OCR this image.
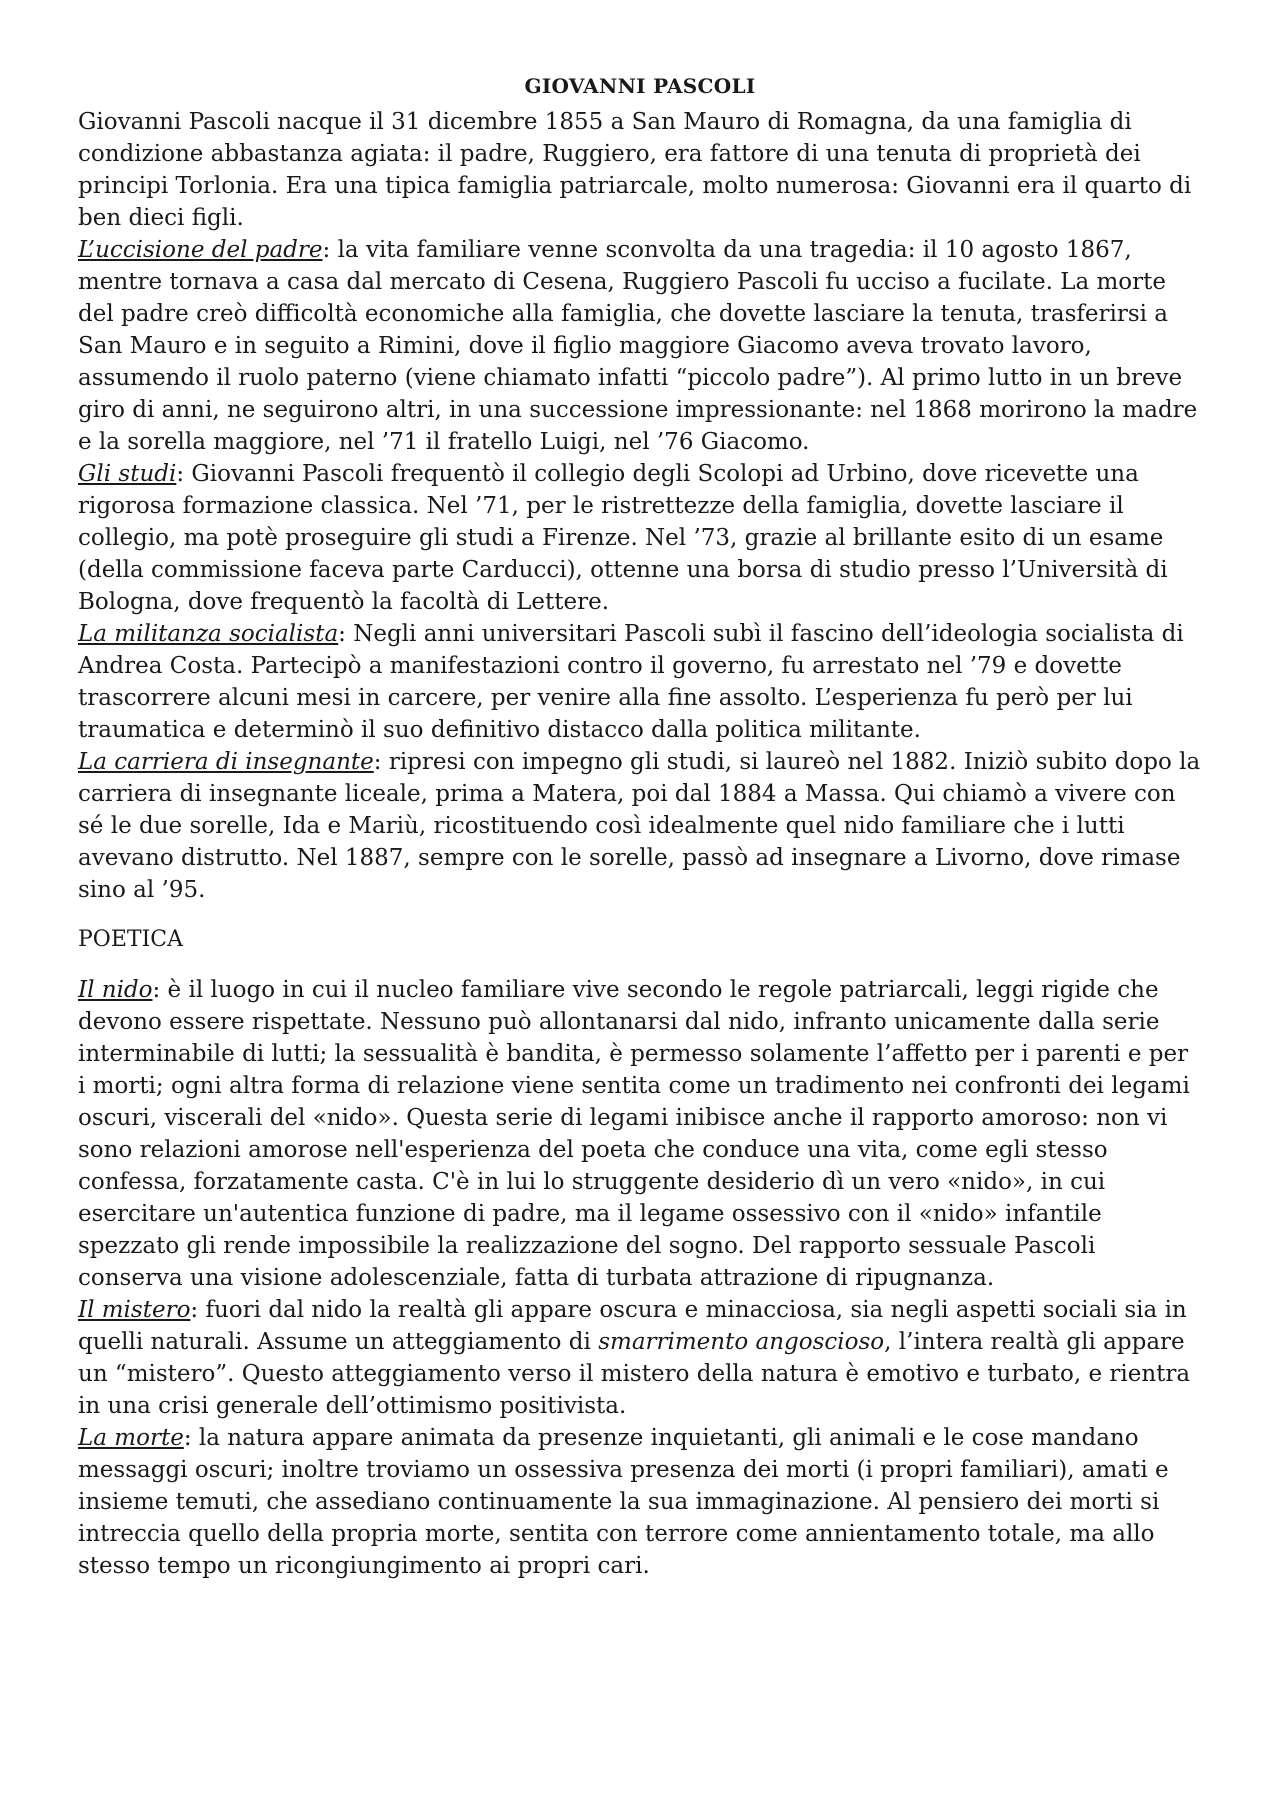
GIOVANNI PASCOLI

Giovanni Pascoli nacque il 31 dicembre 1855 a San Mauro di Romagna, da una famiglia di condizione abbastanza agiata: il padre, Ruggiero, era fattore di una tenuta di proprietà dei principi Torlonia. Era una tipica famiglia patriarcale, molto numerosa: Giovanni era il quarto di ben dieci figli.

L’uccisione del padre: la vita familiare venne sconvolta da una tragedia: il 10 agosto 1867, mentre tornava a casa dal mercato di Cesena, Ruggiero Pascoli fu ucciso a fucilate. La morte del padre creò difficoltà economiche alla famiglia, che dovette lasciare la tenuta, trasferirsi a San Mauro e in seguito a Rimini, dove il figlio maggiore Giacomo aveva trovato lavoro, assumendo il ruolo paterno (viene chiamato infatti “piccolo padre”). Al primo lutto in un breve giro di anni, ne seguirono altri, in una successione impressionante: nel 1868 morirono la madre e la sorella maggiore, nel ’71 il fratello Luigi, nel ’76 Giacomo.

Gli studi: Giovanni Pascoli frequentò il collegio degli Scolopi ad Urbino, dove ricevette una rigorosa formazione classica. Nel ’71, per le ristrettezze della famiglia, dovette lasciare il collegio, ma potè proseguire gli studi a Firenze. Nel ’73, grazie al brillante esito di un esame (della commissione faceva parte Carducci), ottenne una borsa di studio presso l’Università di Bologna, dove frequentò la facoltà di Lettere.

La militanza socialista: Negli anni universitari Pascoli subì il fascino dell’ideologia socialista di Andrea Costa. Partecipò a manifestazioni contro il governo, fu arrestato nel ’79 e dovette trascorrere alcuni mesi in carcere, per venire alla fine assolto. L’esperienza fu però per lui traumatica e determinò il suo definitivo distacco dalla politica militante.

La carriera di insegnante: ripresi con impegno gli studi, si laureò nel 1882. Iniziò subito dopo la carriera di insegnante liceale, prima a Matera, poi dal 1884 a Massa. Qui chiamò a vivere con sé le due sorelle, Ida e Mariù, ricostituendo così idealmente quel nido familiare che i lutti avevano distrutto. Nel 1887, sempre con le sorelle, passò ad insegnare a Livorno, dove rimase sino al ’95.

POETICA

Il nido: è il luogo in cui il nucleo familiare vive secondo le regole patriarcali, leggi rigide che devono essere rispettate. Nessuno può allontanarsi dal nido, infranto unicamente dalla serie interminabile di lutti; la sessualità è bandita, è permesso solamente l’affetto per i parenti e per i morti; ogni altra forma di relazione viene sentita come un tradimento nei confronti dei legami oscuri, viscerali del «nido». Questa serie di legami inibisce anche il rapporto amoroso: non vi sono relazioni amorose nell'esperienza del poeta che conduce una vita, come egli stesso confessa, forzatamente casta. C'è in lui lo struggente desiderio dì un vero «nido», in cui esercitare un'autentica funzione di padre, ma il legame ossessivo con il «nido» infantile spezzato gli rende impossibile la realizzazione del sogno. Del rapporto sessuale Pascoli conserva una visione adolescenziale, fatta di turbata attrazione di ripugnanza.

Il mistero: fuori dal nido la realtà gli appare oscura e minacciosa, sia negli aspetti sociali sia in quelli naturali. Assume un atteggiamento di smarrimento angoscioso, l’intera realtà gli appare un “mistero”. Questo atteggiamento verso il mistero della natura è emotivo e turbato, e rientra in una crisi generale dell’ottimismo positivista.

La morte: la natura appare animata da presenze inquietanti, gli animali e le cose mandano messaggi oscuri; inoltre troviamo un ossessiva presenza dei morti (i propri familiari), amati e insieme temuti, che assediano continuamente la sua immaginazione. Al pensiero dei morti si intreccia quello della propria morte, sentita con terrore come annientamento totale, ma allo stesso tempo un ricongiungimento ai propri cari.
